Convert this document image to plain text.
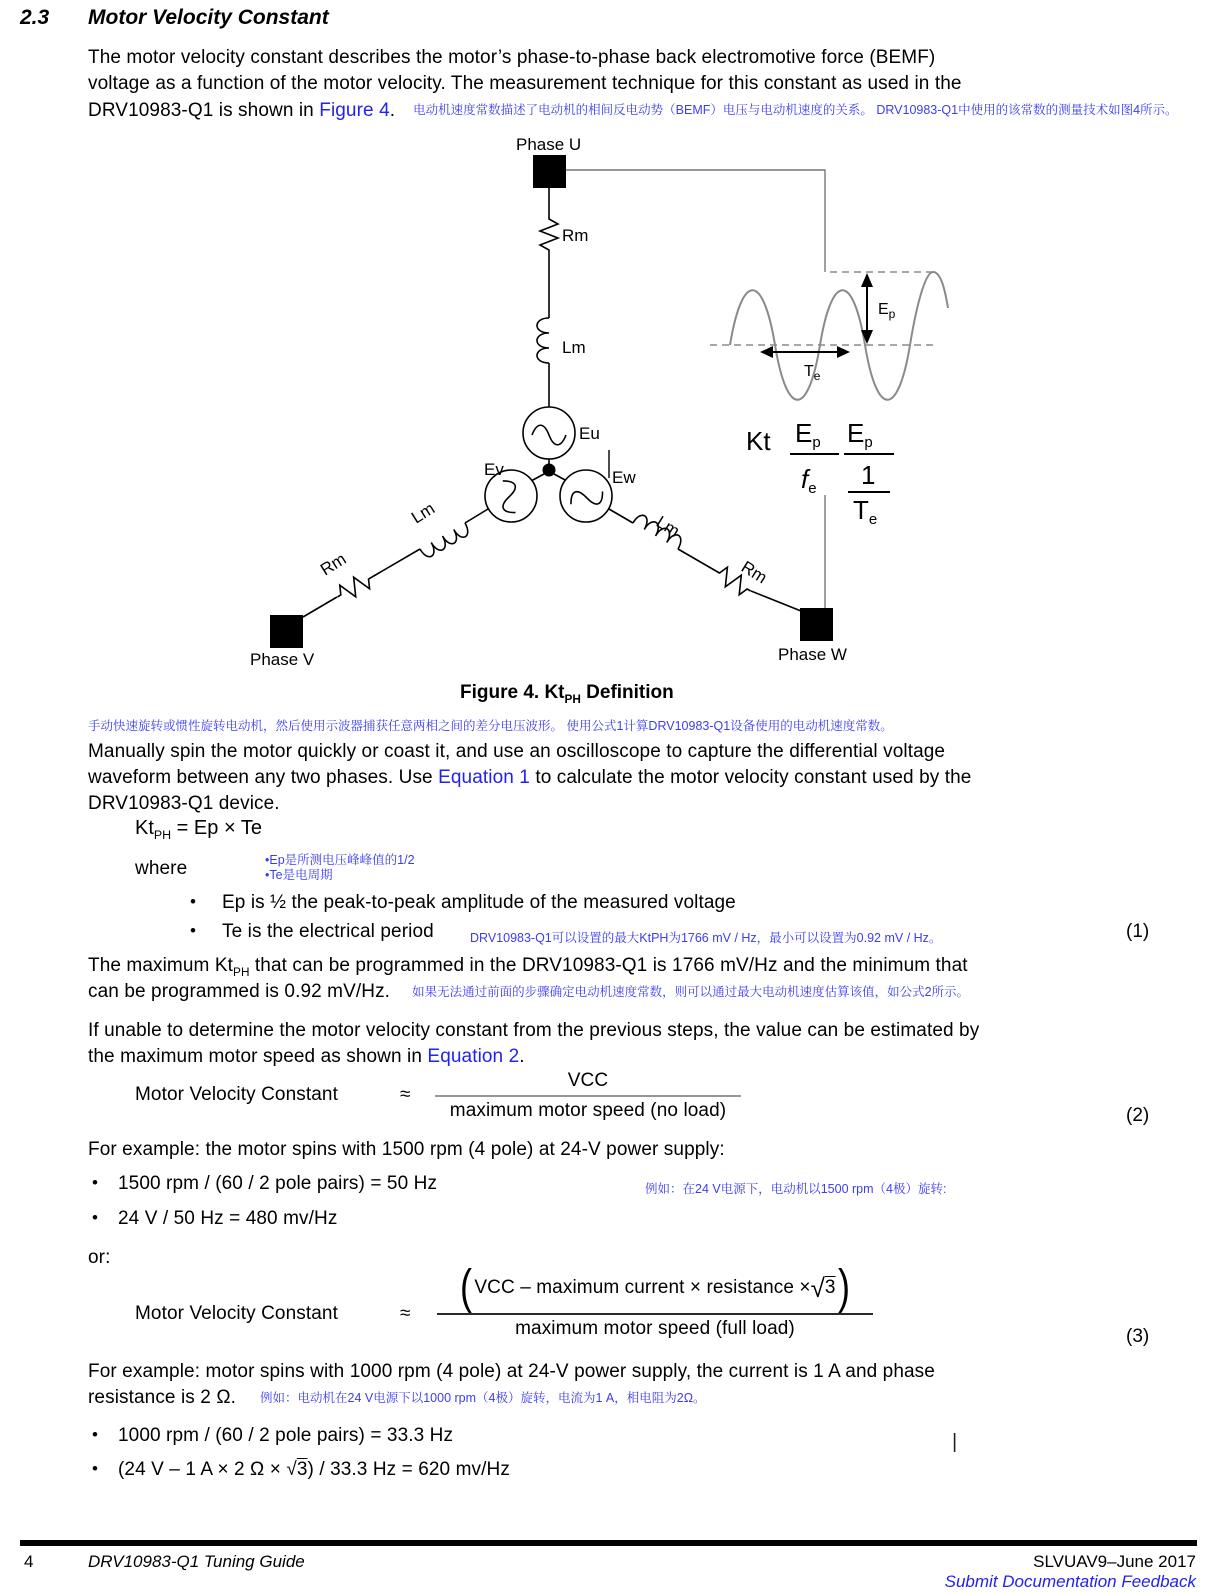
2.3 Motor Velocity Constant
The motor velocity constant describes the motor’s phase-to-phase back electromotive force (BEMF)
voltage as a function of the motor velocity. The measurement technique for this constant as used in the
DRV10983-Q1 is shown in Figure 4. 电动机速度常数描述了电动机的相间反电动势（BEMF）电压与电动机速度的关系。 DRV10983-Q1中使用的该常数的测量技术如图4所示。
Phase U
Rm
Lm
Eu
Ev	Ew
Lm
Rm
Phase V
Lm
Rm
Phase W
$E_p$
$T_e$
Kt Ep
fe
Ep
1
Te
Figure 4. $Kt_{PH}$ Definition
手动快速旋转或惯性旋转电动机，然后使用示波器捕获任意两相之间的差分电压波形。 使用公式1计算DRV10983-Q1设备使用的电动机速度常数。
Manually spin the motor quickly or coast it, and use an oscilloscope to capture the differential voltage
waveform between any two phases. Use Equation 1 to calculate the motor velocity constant used by the
DRV10983-Q1 device.
$Kt_{PH} = Ep \times Te$
where	•Ep是所测电压峰峰值的1/2
•Te是电周期
• Ep is ½ the peak-to-peak amplitude of the measured voltage
• Te is the electrical period	DRV10983-Q1可以设置的最大KtPH为1766 mV / Hz，最小可以设置为0.92 mV / Hz。	(1)
The maximum $Kt_{PH}$ that can be programmed in the DRV10983-Q1 is 1766 mV/Hz and the minimum that
can be programmed is 0.92 mV/Hz. 如果无法通过前面的步骤确定电动机速度常数，则可以通过最大电动机速度估算该值，如公式2所示。
If unable to determine the motor velocity constant from the previous steps, the value can be estimated by
the maximum motor speed as shown in Equation 2.
Motor Velocity Constant	≈
VCC
maximum motor speed (no load)	(2)
For example: the motor spins with 1500 rpm (4 pole) at 24-V power supply:
• 1500 rpm / (60 / 2 pole pairs) = 50 Hz	例如：在24 V电源下，电动机以1500 rpm（4极）旋转:
• 24 V / 50 Hz = 480 mv/Hz
or:
Motor Velocity Constant	≈ ( VCC – maximum current × resistance × √ 3 )
maximum motor speed (full load)	(3)
For example: motor spins with 1000 rpm (4 pole) at 24-V power supply, the current is 1 A and phase
resistance is 2 Ω. 例如：电动机在24 V电源下以1000 rpm（4极）旋转，电流为1 A，相电阻为2Ω。
• 1000 rpm / (60 / 2 pole pairs) = 33.3 Hz	|
• (24 V – 1 A × 2 Ω × √3) / 33.3 Hz = 620 mv/Hz
4	DRV10983-Q1 Tuning Guide	SLVUAV9–June 2017
Submit Documentation Feedback
